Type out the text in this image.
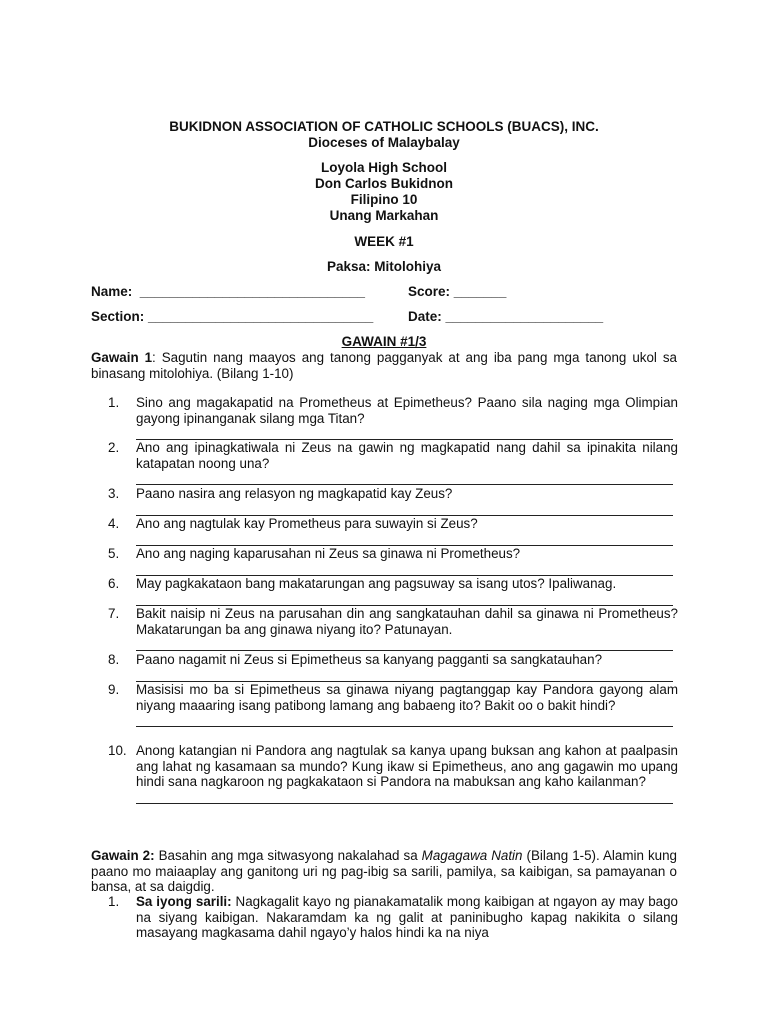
BUKIDNON ASSOCIATION OF CATHOLIC SCHOOLS (BUACS), INC.
Dioceses of Malaybalay
Loyola High School
Don Carlos Bukidnon
Filipino 10
Unang Markahan
WEEK #1
Paksa: Mitolohiya
Name:  ______________________________	Score: _______
Section: ______________________________	Date: _____________________
GAWAIN #1/3
Gawain 1: Sagutin nang maayos ang tanong pagganyak at ang iba pang mga tanong ukol sa binasang mitolohiya. (Bilang 1-10)
1.	Sino ang magakapatid na Prometheus at Epimetheus? Paano sila naging mga Olimpian gayong ipinanganak silang mga Titan?
2.	Ano ang ipinagkatiwala ni Zeus na gawin ng magkapatid nang dahil sa ipinakita nilang katapatan noong una?
3.	Paano nasira ang relasyon ng magkapatid kay Zeus?
4.	Ano ang nagtulak kay Prometheus para suwayin si Zeus?
5.	Ano ang naging kaparusahan ni Zeus sa ginawa ni Prometheus?
6.	May pagkakataon bang makatarungan ang pagsuway sa isang utos? Ipaliwanag.
7.	Bakit naisip ni Zeus na parusahan din ang sangkatauhan dahil sa ginawa ni Prometheus? Makatarungan ba ang ginawa niyang ito? Patunayan.
8.	Paano nagamit ni Zeus si Epimetheus sa kanyang pagganti sa sangkatauhan?
9.	Masisisi mo ba si Epimetheus sa ginawa niyang pagtanggap kay Pandora gayong alam niyang maaaring isang patibong lamang ang babaeng ito? Bakit oo o bakit hindi?
10. Anong katangian ni Pandora ang nagtulak sa kanya upang buksan ang kahon at paalpasin ang lahat ng kasamaan sa mundo? Kung ikaw si Epimetheus, ano ang gagawin mo upang hindi sana nagkaroon ng pagkakataon si Pandora na mabuksan ang kaho kailanman?
Gawain 2: Basahin ang mga sitwasyong nakalahad sa Magagawa Natin (Bilang 1-5). Alamin kung paano mo maiaaplay ang ganitong uri ng pag-ibig sa sarili, pamilya, sa kaibigan, sa pamayanan o bansa, at sa daigdig.
1.	Sa iyong sarili: Nagkagalit kayo ng pianakamatalik mong kaibigan at ngayon ay may bago na siyang kaibigan. Nakaramdam ka ng galit at paninibugho kapag nakikita o silang masayang magkasama dahil ngayo’y halos hindi ka na niya
